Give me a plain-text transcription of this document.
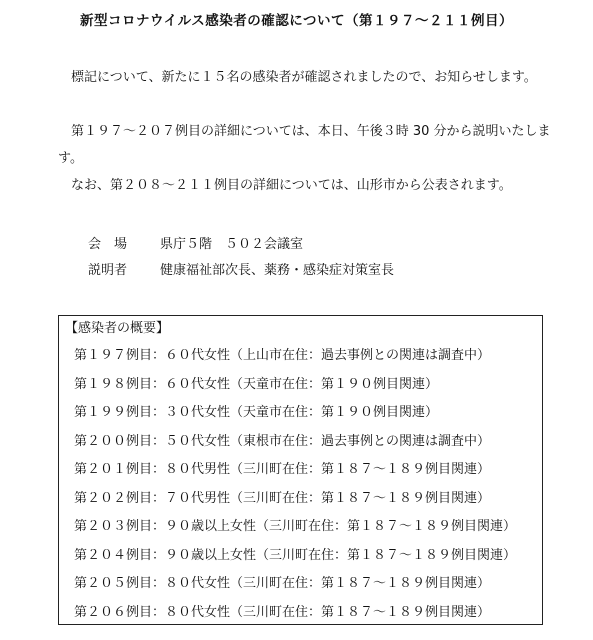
新型コロナウイルス感染者の確認について（第１９７〜２１１例目）
標記について、新たに１５名の感染者が確認されましたので、お知らせします。
第１９７〜２０７例目の詳細については、本日、午後３時 30 分から説明いたします。
なお、第２０８〜２１１例目の詳細については、山形市から公表されます。
会　場	県庁５階　５０２会議室
説明者	健康福祉部次長、薬務・感染症対策室長
【感染者の概要】
第１９７例目：６０代女性（上山市在住：過去事例との関連は調査中）
第１９８例目：６０代女性（天童市在住：第１９０例目関連）
第１９９例目：３０代女性（天童市在住：第１９０例目関連）
第２００例目：５０代女性（東根市在住：過去事例との関連は調査中）
第２０１例目：８０代男性（三川町在住：第１８７〜１８９例目関連）
第２０２例目：７０代男性（三川町在住：第１８７〜１８９例目関連）
第２０３例目：９０歳以上女性（三川町在住：第１８７〜１８９例目関連）
第２０４例目：９０歳以上女性（三川町在住：第１８７〜１８９例目関連）
第２０５例目：８０代女性（三川町在住：第１８７〜１８９例目関連）
第２０６例目：８０代女性（三川町在住：第１８７〜１８９例目関連）
